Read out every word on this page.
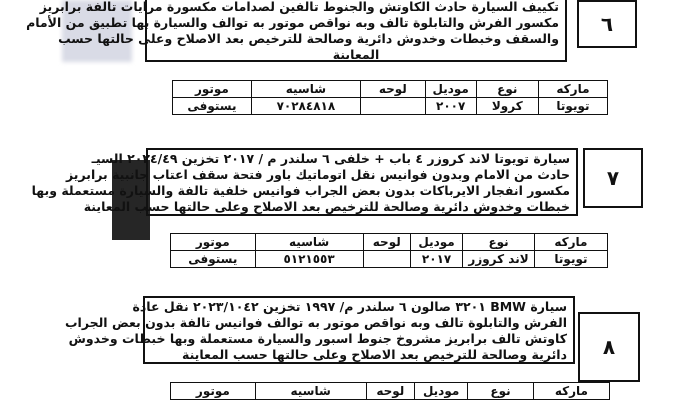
تكييف السيارة حادث الكاوتش والجنوط تالفين لصدامات مكسورة مرايات تالفة برابريز
مكسور الفرش والتابلوة تالف وبه نواقص موتور به توالف والسيارة بها تطبيق من الأمام
والسقف وخبطات وخدوش دائرية وصالحة للترخيص بعد الاصلاح وعلى حالتها حسب
المعاينة
٦
ماركه	نوع	موديل	لوحه	شاسيه	موتور
تويوتا	كرولا	٢٠٠٧		٧٠٢٨٤٨١٨	يستوفى
سيارة تويوتا لاند كروزر ٤ باب + خلفى ٦ سلندر م / ٢٠١٧ تخزين ٢٠٢٤/٤٩ السيـ
حادث من الامام وبدون فوانيس نقل اتوماتيك باور فتحة سقف اعتاب جانبية برابريز
مكسور انفجار الايرباكات بدون بعض الجراب فوانيس خلفية تالفة والسيارة مستعملة وبها
خبطات وخدوش دائرية وصالحة للترخيص بعد الاصلاح وعلى حالتها حسب المعاينة
٧
ماركه	نوع	موديل	لوحه	شاسيه	موتور
تويوتا	لاند كروزر	٢٠١٧		٥١٢١٥٥٣	يستوفى
سيارة BMW ٣٢٠١ صالون ٦ سلندر م/ ١٩٩٧ تخزين ٢٠٢٣/١٠٤٢ نقل عادة
الفرش والتابلوة تالف وبه نواقص موتور به توالف فوانيس تالفة بدون بعض الجراب
كاوتش تالف برابريز مشروخ جنوط اسبور والسيارة مستعملة وبها خبطات وخدوش
دائرية وصالحة للترخيص بعد الاصلاح وعلى حالتها حسب المعاينة	٨
ماركه	نوع	موديل	لوحه	شاسيه	موتور
